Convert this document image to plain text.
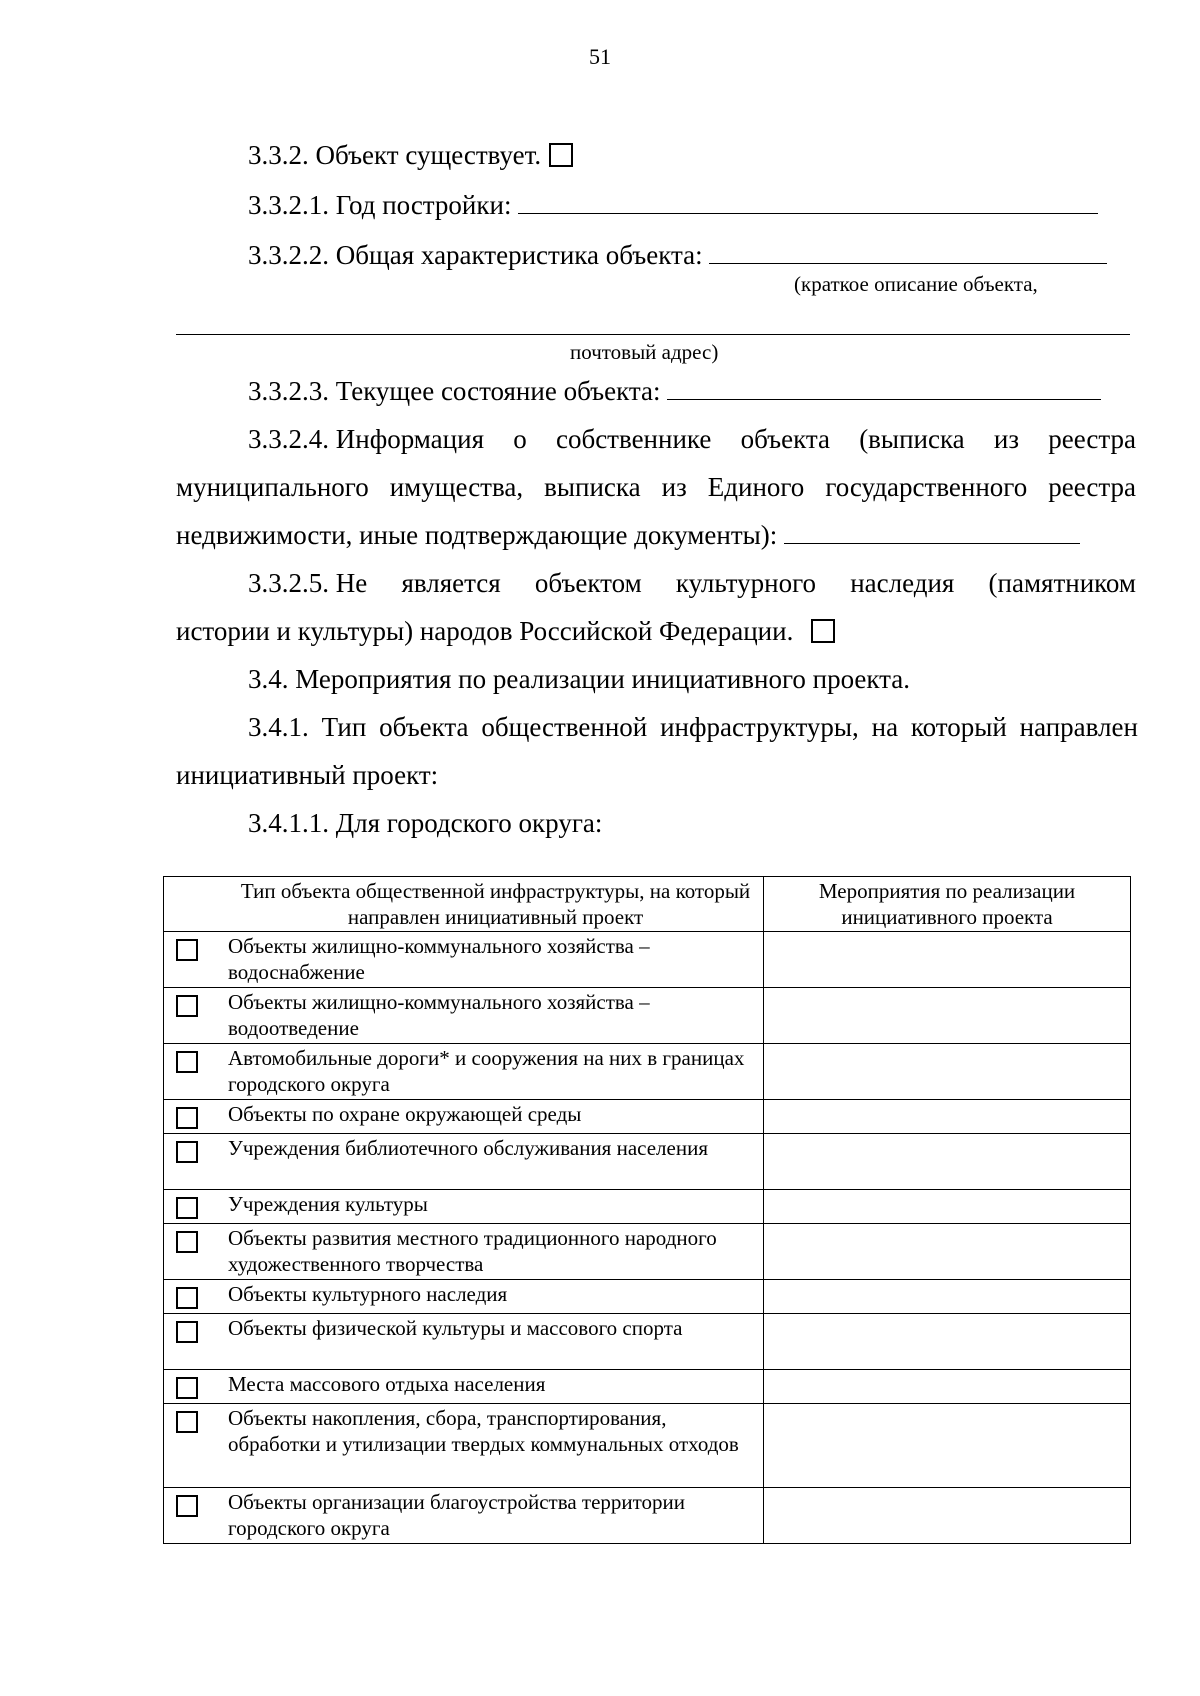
51
3.3.2. Объект существует.
3.3.2.1. Год постройки:
3.3.2.2. Общая характеристика объекта:
(краткое описание объекта,
почтовый адрес)
3.3.2.3. Текущее состояние объекта:
3.3.2.4. Информация о собственнике объекта (выписка из реестра
муниципального имущества, выписка из Единого государственного реестра
недвижимости, иные подтверждающие документы):
3.3.2.5. Не является объектом культурного наследия (памятником
истории и культуры) народов Российской Федерации.
3.4. Мероприятия по реализации инициативного проекта.
3.4.1. Тип объекта общественной инфраструктуры, на который направлен
инициативный проект:
3.4.1.1. Для городского округа:
Тип объекта общественной инфраструктуры, на который направлен инициативный проект	Мероприятия по реализации инициативного проекта

Объекты жилищно-коммунального хозяйства – водоснабжение	

Объекты жилищно-коммунального хозяйства – водоотведение	

Автомобильные дороги* и сооружения на них в границах городского округа	

Объекты по охране окружающей среды	

Учреждения библиотечного обслуживания населения	

Учреждения культуры	

Объекты развития местного традиционного народного художественного творчества	

Объекты культурного наследия	

Объекты физической культуры и массового спорта	

Места массового отдыха населения	

Объекты накопления, сбора, транспортирования, обработки и утилизации твердых коммунальных отходов	

Объекты организации благоустройства территории городского округа	
